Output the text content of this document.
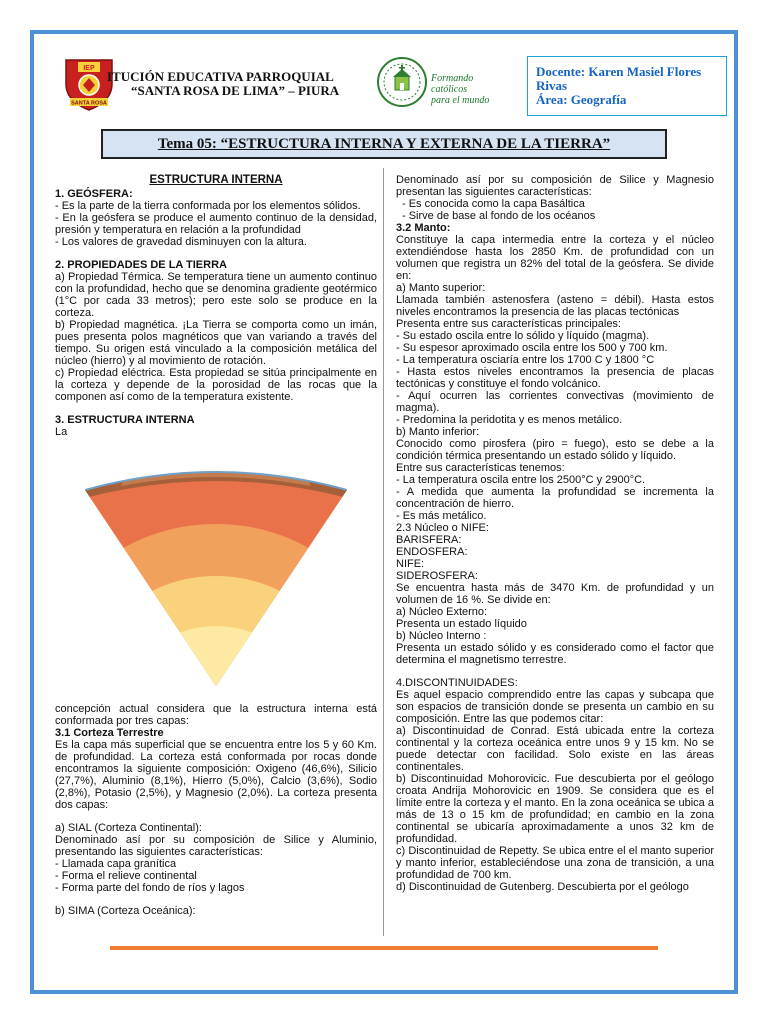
IEP
SANTA ROSA
ITUCIÓN EDUCATIVA PARROQUIAL
“SANTA ROSA DE LIMA” – PIURA
Formando
católicos
para el mundo
Docente: Karen Masiel Flores Rivas
Área: Geografía
Tema 05: “ESTRUCTURA INTERNA Y EXTERNA DE LA TIERRA”
ESTRUCTURA INTERNA

1. GEÓSFERA:

- Es la parte de la tierra conformada por los elementos sólidos.

- En la geósfera se produce el aumento continuo de la densidad, presión y temperatura en relación a la profundidad

- Los valores de gravedad disminuyen con la altura.

2. PROPIEDADES DE LA TIERRA

a) Propiedad Térmica. Se temperatura tiene un aumento continuo con la profundidad, hecho que se denomina gradiente geotérmico (1°C por cada 33 metros); pero este solo se produce en la corteza.

b) Propiedad magnética. ¡La Tierra se comporta como un imán, pues presenta polos magnéticos que van variando a través del tiempo. Su origen está vinculado a la composición metálica del núcleo (hierro) y al movimiento de rotación.

c) Propiedad eléctrica. Esta propiedad se sitúa principalmente en la corteza y depende de la porosidad de las rocas que la componen así como de la temperatura existente.

3. ESTRUCTURA INTERNA

La

concepción actual considera que la estructura interna está conformada por tres capas:

3.1 Corteza Terrestre

Es la capa más superficial que se encuentra entre los 5 y 60 Km. de profundidad. La corteza está conformada por rocas donde encontramos la siguiente composición: Oxigeno (46,6%), Silicio (27,7%), Aluminio (8,1%), Hierro (5,0%), Calcio (3,6%), Sodio (2,8%), Potasio (2,5%), y Magnesio (2,0%). La corteza presenta dos capas:

a) SIAL (Corteza Continental):

Denominado así por su composición de Silice y Aluminio, presentando las siguientes características:

- Llamada capa granítica

- Forma el relieve continental

- Forma parte del fondo de ríos y lagos

b) SIMA (Corteza Oceánica):

Denominado así por su composición de Silice y Magnesio presentan las siguientes características:

- Es conocida como la capa Basáltica

- Sirve de base al fondo de los océanos

3.2 Manto:

Constituye la capa intermedia entre la corteza y el núcleo extendiéndose hasta los 2850 Km. de profundidad con un volumen que registra un 82% del total de la geósfera. Se divide en:

a) Manto superior:

Llamada también astenosfera (asteno = débil). Hasta estos niveles encontramos la presencia de las placas tectónicas

Presenta entre sus características principales:

- Su estado oscila entre lo sólido y líquido (magma).

- Su espesor aproximado oscila entre los 500 y 700 km.

- La temperatura osciaría entre los 1700 C y 1800 °C

- Hasta estos niveles encontramos la presencia de placas tectónicas y constituye el fondo volcánico.

- Aquí ocurren las corrientes convectivas (movimiento de magma).

- Predomina la peridotita y es menos metálico.

b) Manto inferior:

Conocido como pirosfera (piro = fuego), esto se debe a la condición térmica presentando un estado sólido y líquido.

Entre sus características tenemos:

- La temperatura oscila entre los 2500°C y 2900°C.

- A medida que aumenta la profundidad se incrementa la concentración de hierro.

- Es más metálico.

2.3 Núcleo o NIFE:

BARISFERA:

ENDOSFERA:

NIFE:

SIDEROSFERA:

Se encuentra hasta más de 3470 Km. de profundidad y un volumen de 16 %. Se divide en:

a) Núcleo Externo:

Presenta un estado líquido

b) Núcleo Interno :

Presenta un estado sólido y es considerado como el factor que determina el magnetismo terrestre.

4.DISCONTINUIDADES:

Es aquel espacio comprendido entre las capas y subcapa que son espacios de transición donde se presenta un cambio en su composición. Entre las que podemos citar:

a) Discontinuidad de Conrad. Está ubicada entre la corteza continental y la corteza oceánica entre unos 9 y 15 km. No se puede detectar con facilidad. Solo existe en las áreas continentales.

b) Discontinuidad Mohorovicic. Fue descubierta por el geólogo croata Andrija Mohorovicic en 1909. Se considera que es el límite entre la corteza y el manto. En la zona oceánica se ubica a más de 13 o 15 km de profundidad; en cambio en la zona continental se ubicaría aproximadamente a unos 32 km de profundidad.

c) Discontinuidad de Repetty. Se ubica entre el el manto superior y manto inferior, estableciéndose una zona de transición, a una profundidad de 700 km.

d) Discontinuidad de Gutenberg. Descubierta por el geólogo
